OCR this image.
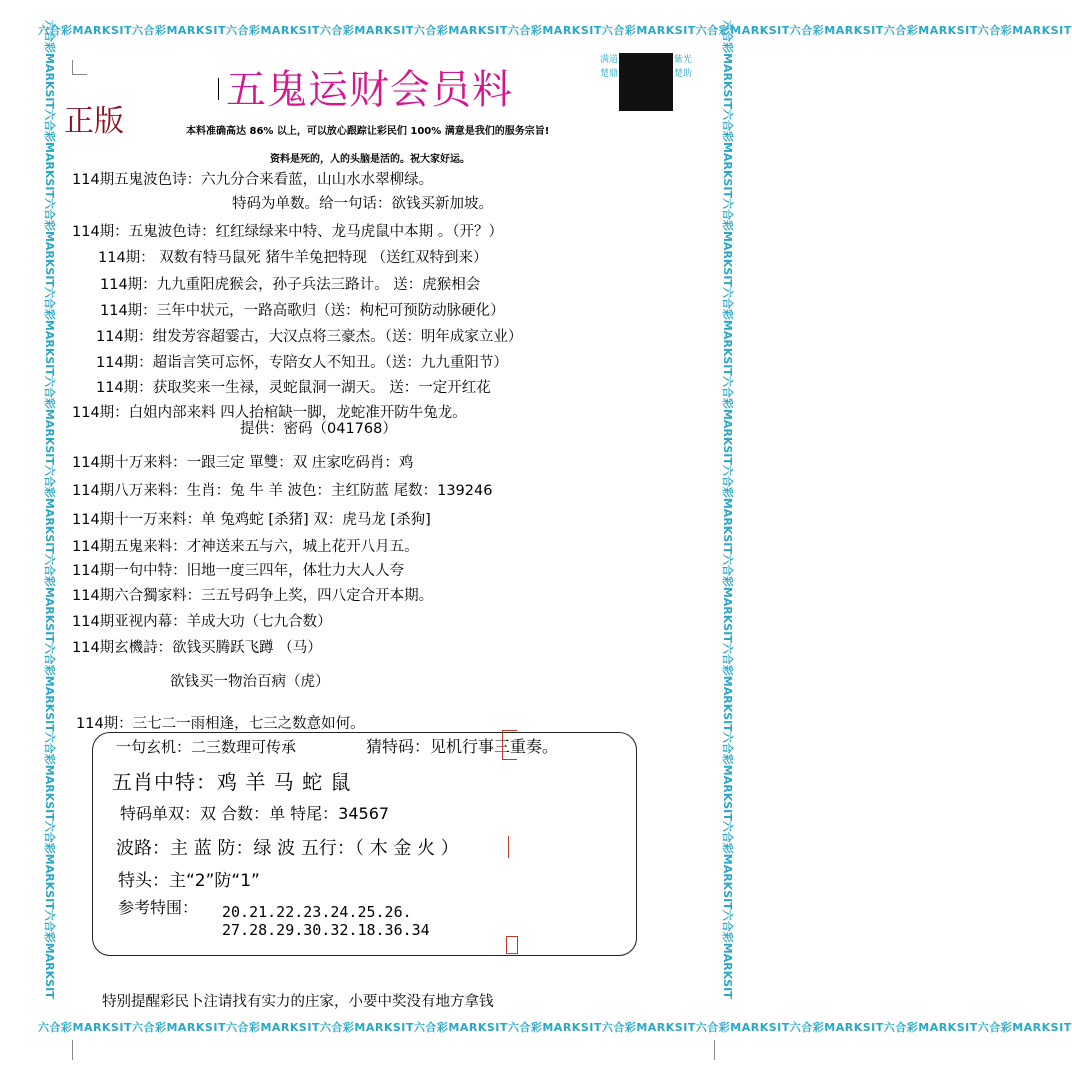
六合彩MARKSIT六合彩MARKSIT六合彩MARKSIT六合彩MARKSIT六合彩MARKSIT六合彩MARKSIT六合彩MARKSIT六合彩MARKSIT六合彩MARKSIT六合彩MARKSIT六合彩MARKSIT
六合彩MARKSIT六合彩MARKSIT六合彩MARKSIT六合彩MARKSIT六合彩MARKSIT六合彩MARKSIT六合彩MARKSIT六合彩MARKSIT六合彩MARKSIT六合彩MARKSIT六合彩MARKSIT
六合彩MARKSIT六合彩MARKSIT六合彩MARKSIT六合彩MARKSIT六合彩MARKSIT六合彩MARKSIT六合彩MARKSIT六合彩MARKSIT六合彩MARKSIT六合彩MARKSIT六合彩MARKSIT	六合彩MARKSIT六合彩MARKSIT六合彩MARKSIT六合彩MARKSIT六合彩MARKSIT六合彩MARKSIT六合彩MARKSIT六合彩MARKSIT六合彩MARKSIT六合彩MARKSIT六合彩MARKSIT
五鬼运财会员料
正版
满道楚鼎
紫光楚助
本料准确高达 86% 以上，可以放心跟踪让彩民们 100% 满意是我们的服务宗旨!
资料是死的，人的头脑是活的。祝大家好运。
114期五鬼波色诗：六九分合来看蓝，山山水水翠柳绿。
特码为单数。给一句话：欲钱买新加坡。
114期：五鬼波色诗：红红绿绿来中特、龙马虎鼠中本期 。（开？）
114期： 双数有特马鼠死 猪牛羊兔把特现 （送红双特到来）
114期：九九重阳虎猴会，孙子兵法三路计。 送：虎猴相会
114期：三年中状元，一路高歌归（送：枸杞可预防动脉硬化）
114期：绀发芳容超霎古，大汉点将三豪杰。（送：明年成家立业）
114期：超诣言笑可忘怀，专陪女人不知丑。（送：九九重阳节）
114期：获取奖来一生禄，灵蛇鼠洞一湖天。 送：一定开红花
114期：白姐内部来料 四人抬棺缺一脚，龙蛇准开防牛兔龙。
提供：密码（041768）
114期十万来料：一跟三定 單雙：双 庄家吃码肖：鸡
114期八万来料：生肖：兔 牛 羊 波色：主红防蓝 尾数：139246
114期十一万来料：单 兔鸡蛇 [杀猪] 双：虎马龙 [杀狗]
114期五鬼来料：才神送来五与六，城上花开八月五。
114期一句中特：旧地一度三四年，体壮力大人人夸
114期六合獨家料：三五号码争上奖，四八定合开本期。
114期亚视内幕：羊成大功（七九合数）
114期玄機詩：欲钱买腾跃飞蹲 （马）
欲钱买一物治百病（虎）
114期：三七二一雨相逢，七三之数意如何。
一句玄机：二三数理可传承	猜特码：见机行事三重奏。
五肖中特：鸡 羊 马 蛇 鼠
特码单双：双 合数：单 特尾：34567
波路：主 蓝 防：绿 波 五行：（ 木 金 火 ）
特头：主“2”防“1”
参考特围： 20.21.22.23.24.25.26.
27.28.29.30.32.18.36.34
特别提醒彩民卜注请找有实力的庄家，小要中奖没有地方拿钱
